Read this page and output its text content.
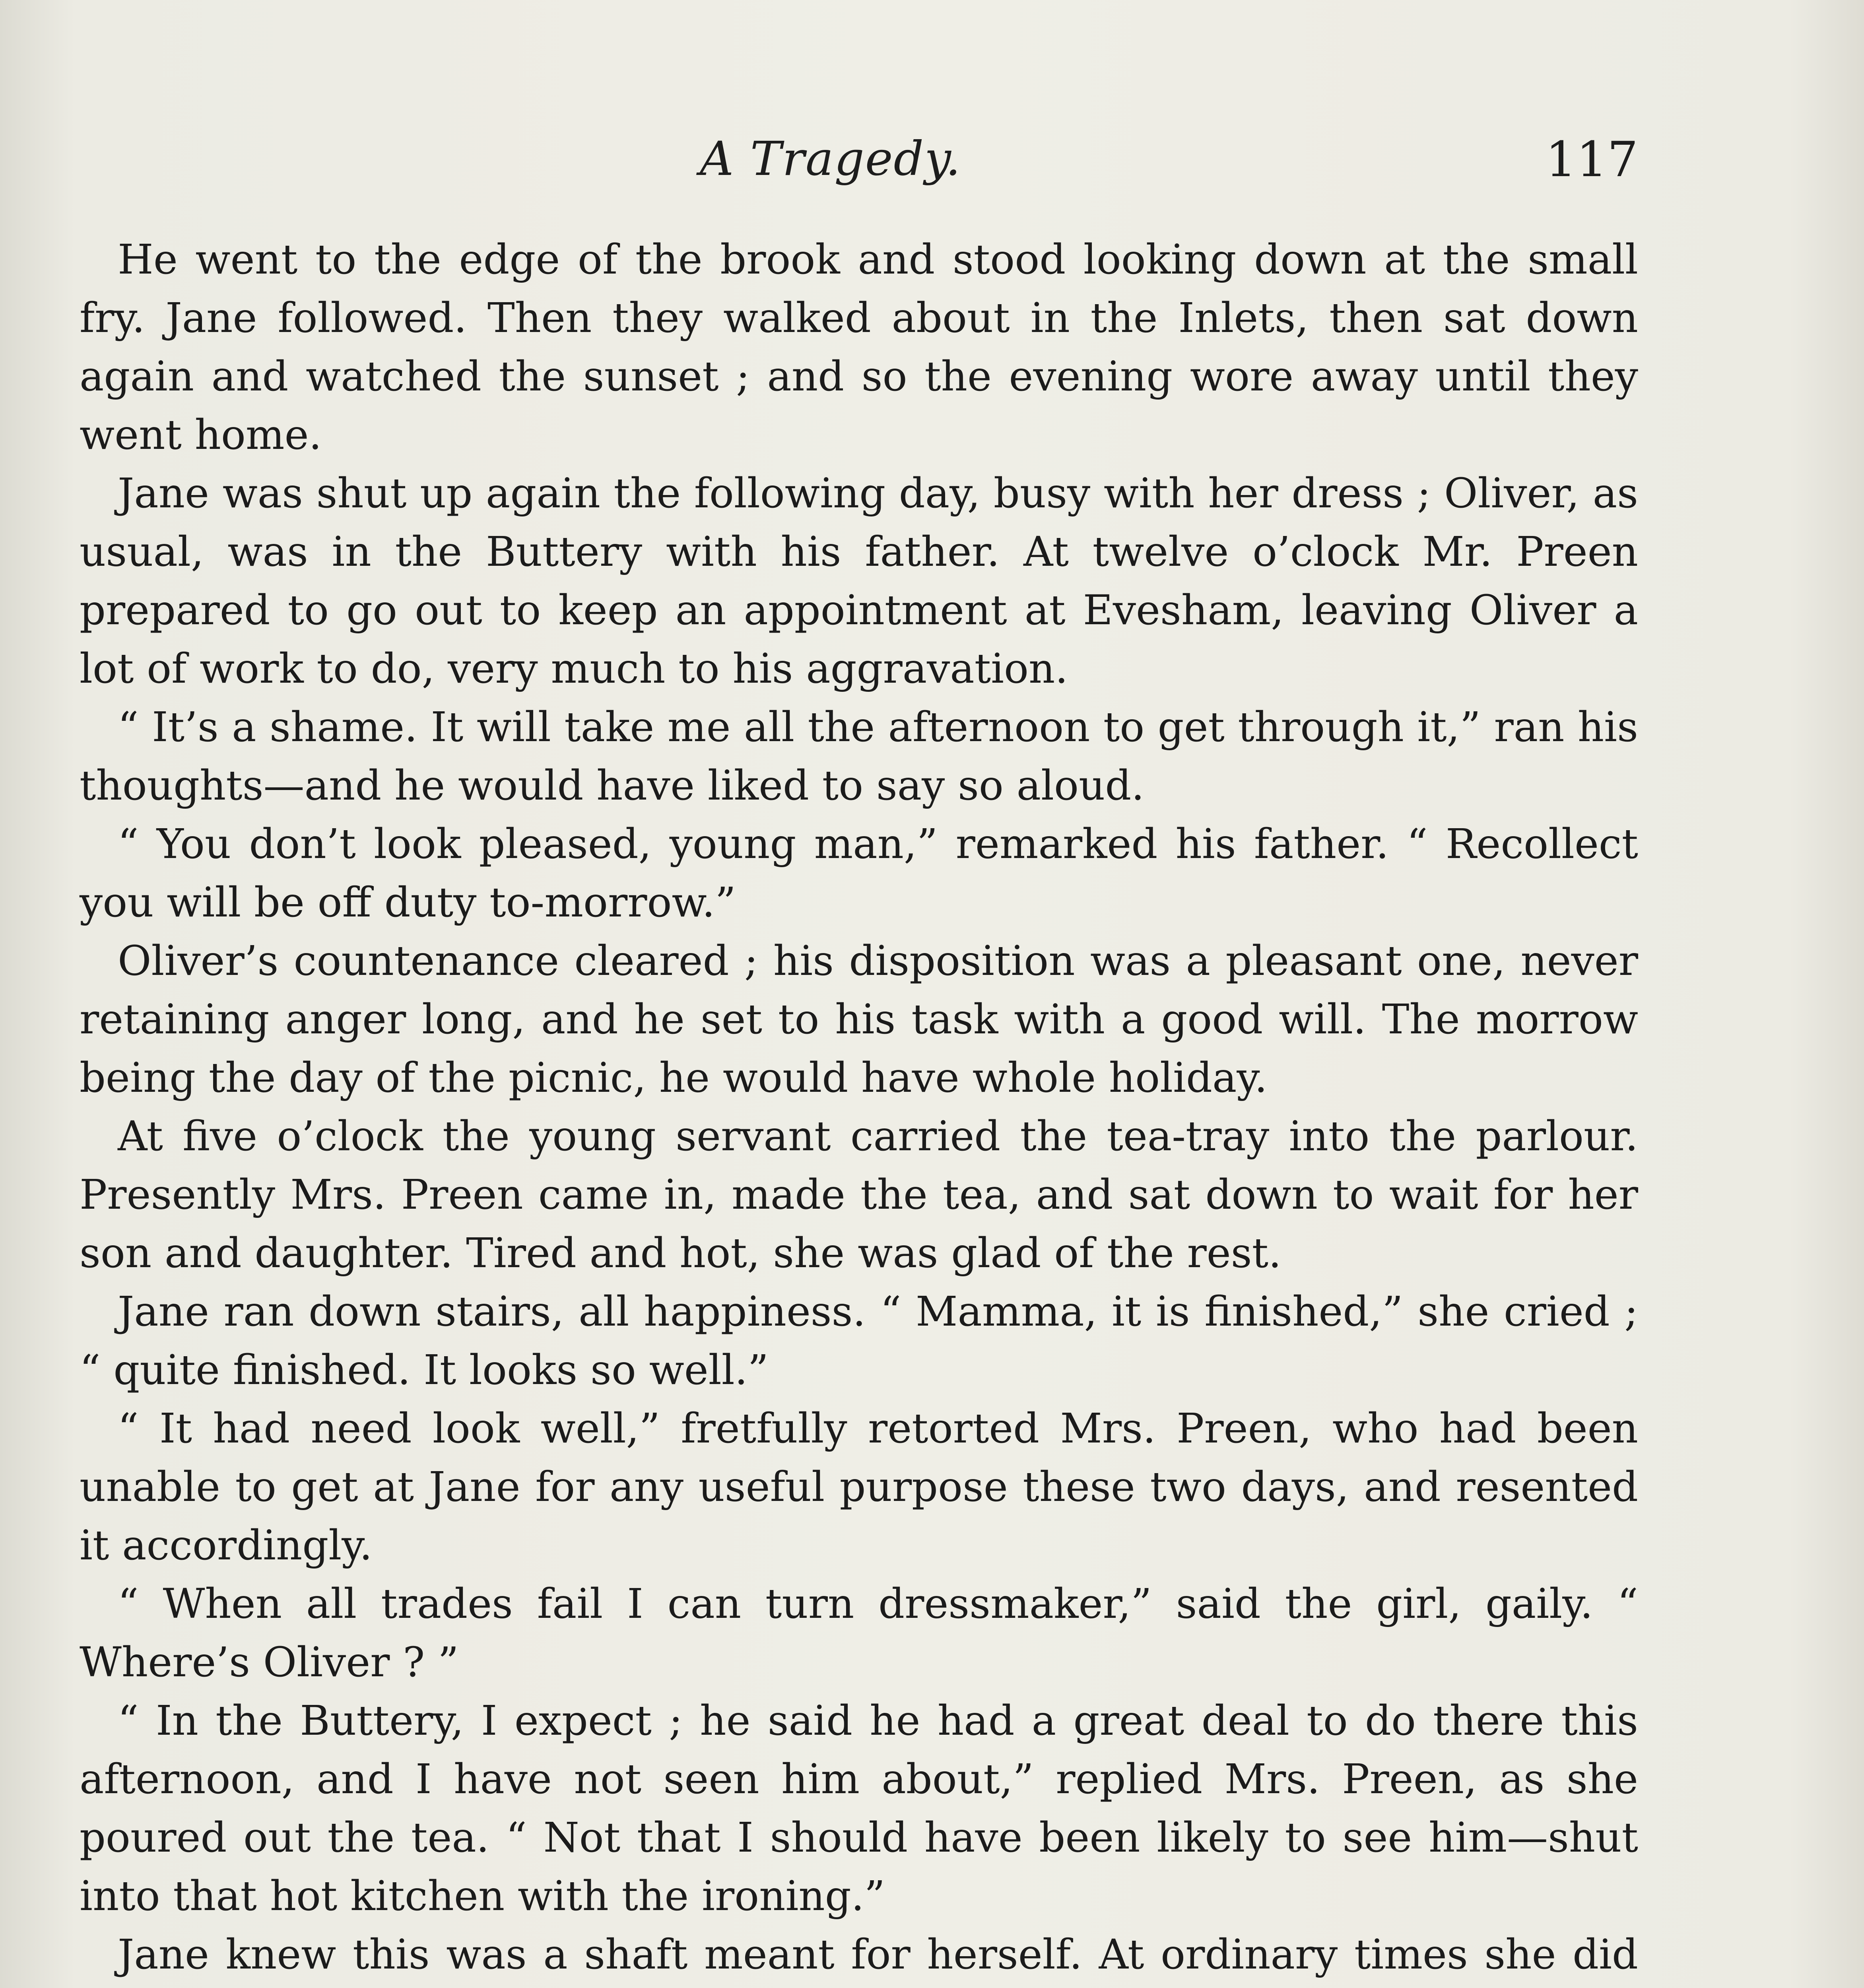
A Tragedy.	117

He went to the edge of the brook and stood looking down at the small fry. Jane followed. Then they walked about in the Inlets, then sat down again and watched the sunset ; and so the evening wore away until they went home.

Jane was shut up again the following day, busy with her dress ; Oliver, as usual, was in the Buttery with his father. At twelve o’clock Mr. Preen prepared to go out to keep an appointment at Evesham, leaving Oliver a lot of work to do, very much to his aggravation.

“ It’s a shame. It will take me all the afternoon to get through it,” ran his thoughts—and he would have liked to say so aloud.

“ You don’t look pleased, young man,” remarked his father. “ Recollect you will be off duty to-morrow.”

Oliver’s countenance cleared ; his disposition was a pleasant one, never retaining anger long, and he set to his task with a good will. The morrow being the day of the picnic, he would have whole holiday.

At five o’clock the young servant carried the tea-tray into the parlour. Presently Mrs. Preen came in, made the tea, and sat down to wait for her son and daughter. Tired and hot, she was glad of the rest.

Jane ran down stairs, all happiness. “ Mamma, it is finished,” she cried ; “ quite finished. It looks so well.”

“ It had need look well,” fretfully retorted Mrs. Preen, who had been unable to get at Jane for any useful purpose these two days, and resented it accordingly.

“ When all trades fail I can turn dressmaker,” said the girl, gaily. “ Where’s Oliver ? ”

“ In the Buttery, I expect ; he said he had a great deal to do there this afternoon, and I have not seen him about,” replied Mrs. Preen, as she poured out the tea. “ Not that I should have been likely to see him—shut into that hot kitchen with the ironing.”

Jane knew this was a shaft meant for herself. At ordinary times she did
